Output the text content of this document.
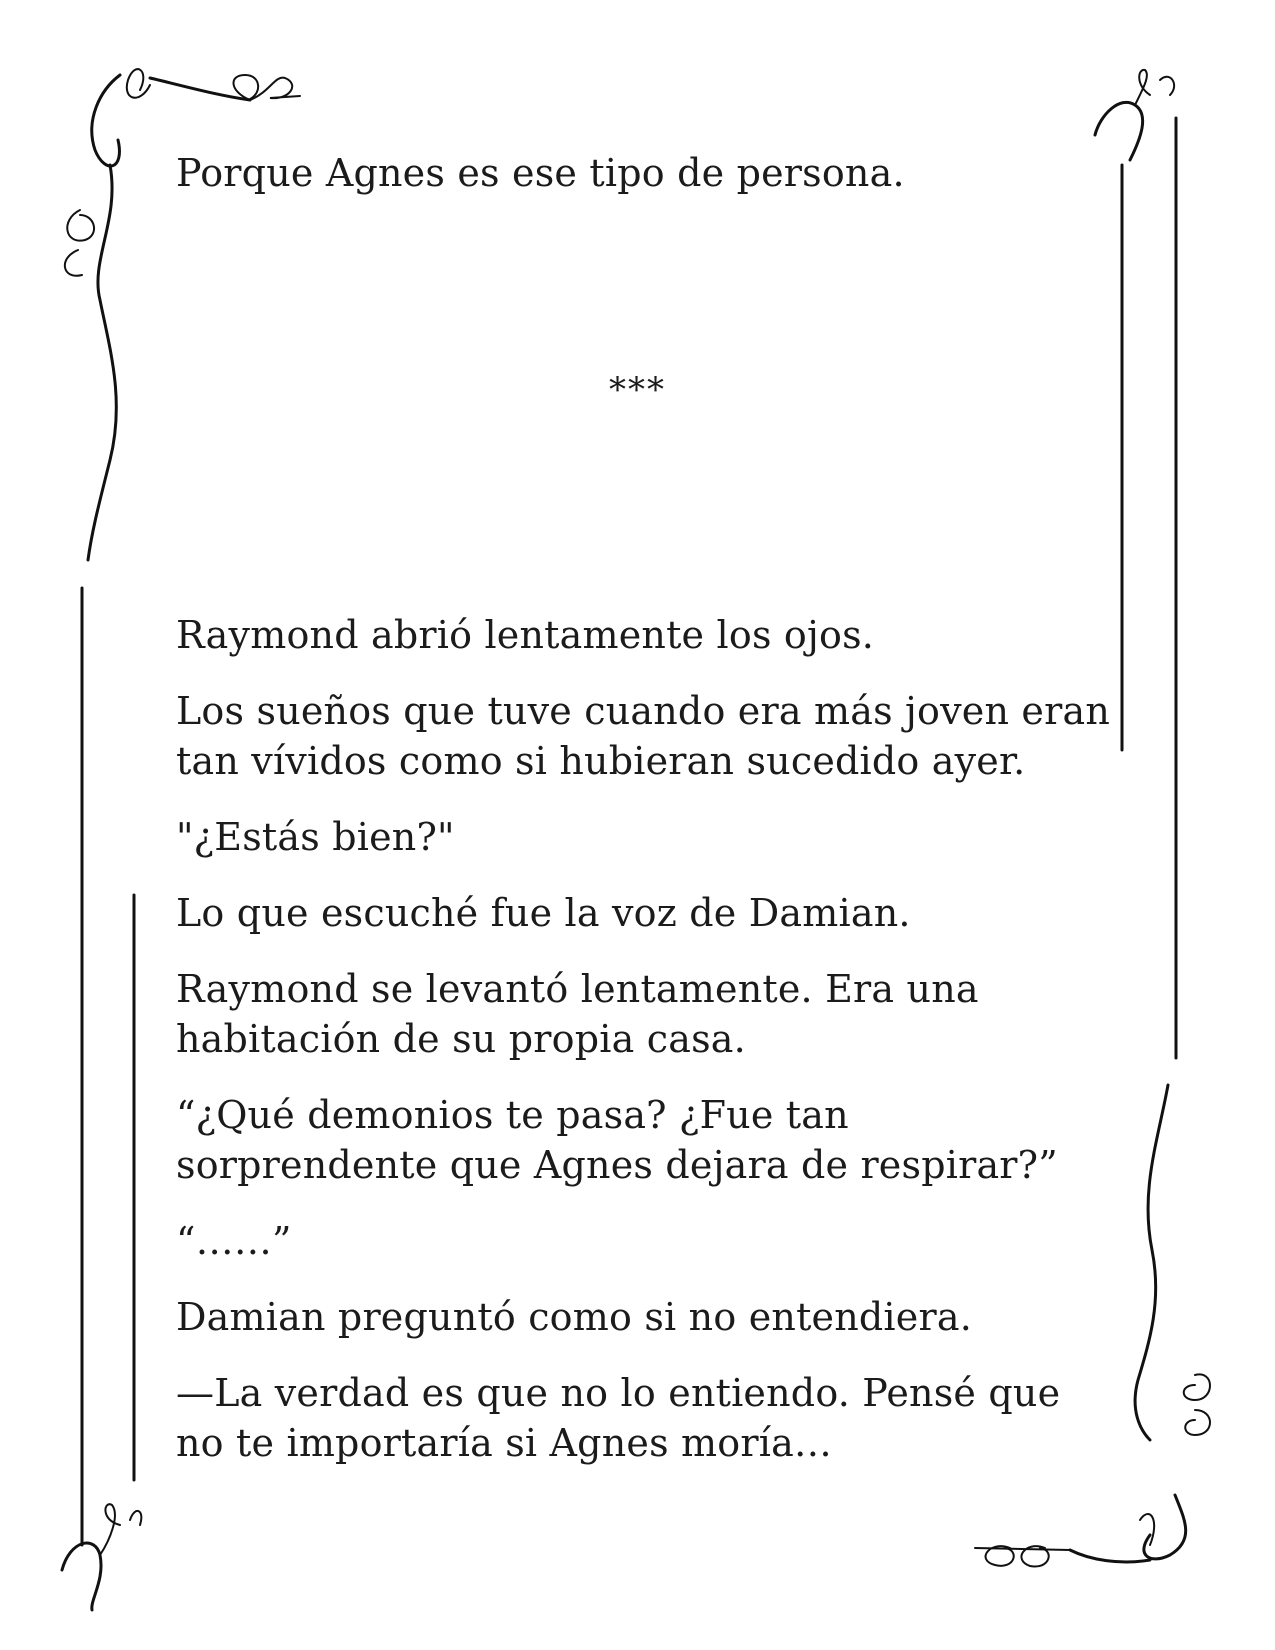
Porque Agnes es ese tipo de persona.

***

Raymond abrió lentamente los ojos.

Los sueños que tuve cuando era más joven eran tan vívidos como si hubieran sucedido ayer.

"¿Estás bien?"

Lo que escuché fue la voz de Damian.

Raymond se levantó lentamente. Era una habitación de su propia casa.

“¿Qué demonios te pasa? ¿Fue tan sorprendente que Agnes dejara de respirar?”

“……”

Damian preguntó como si no entendiera.

—La verdad es que no lo entiendo. Pensé que no te importaría si Agnes moría…
